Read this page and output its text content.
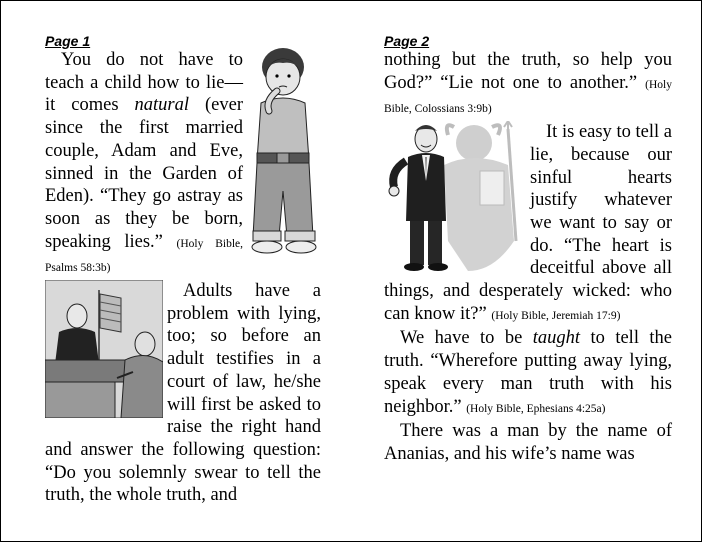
Page 1

You do not have to teach a child how to lie—it comes natural (ever since the first married couple, Adam and Eve, sinned in the Garden of Eden). “They go astray as soon as they be born, speaking lies.” (Holy Bible, Psalms 58:3b)

Adults have a problem with lying, too; so before an adult testifies in a court of law, he/she will first be asked to raise the right hand and answer the following question: “Do you solemnly swear to tell the truth, the whole truth, and

Page 2

nothing but the truth, so help you God?” “Lie not one to another.” (Holy Bible, Colossians 3:9b)

It is easy to tell a lie, because our sinful hearts justify whatever we want to say or do. “The heart is deceitful above all things, and desperately wicked: who can know it?” (Holy Bible, Jeremiah 17:9)

We have to be taught to tell the truth. “Wherefore putting away lying, speak every man truth with his neighbor.” (Holy Bible, Ephesians 4:25a)

There was a man by the name of Ananias, and his wife’s name was
